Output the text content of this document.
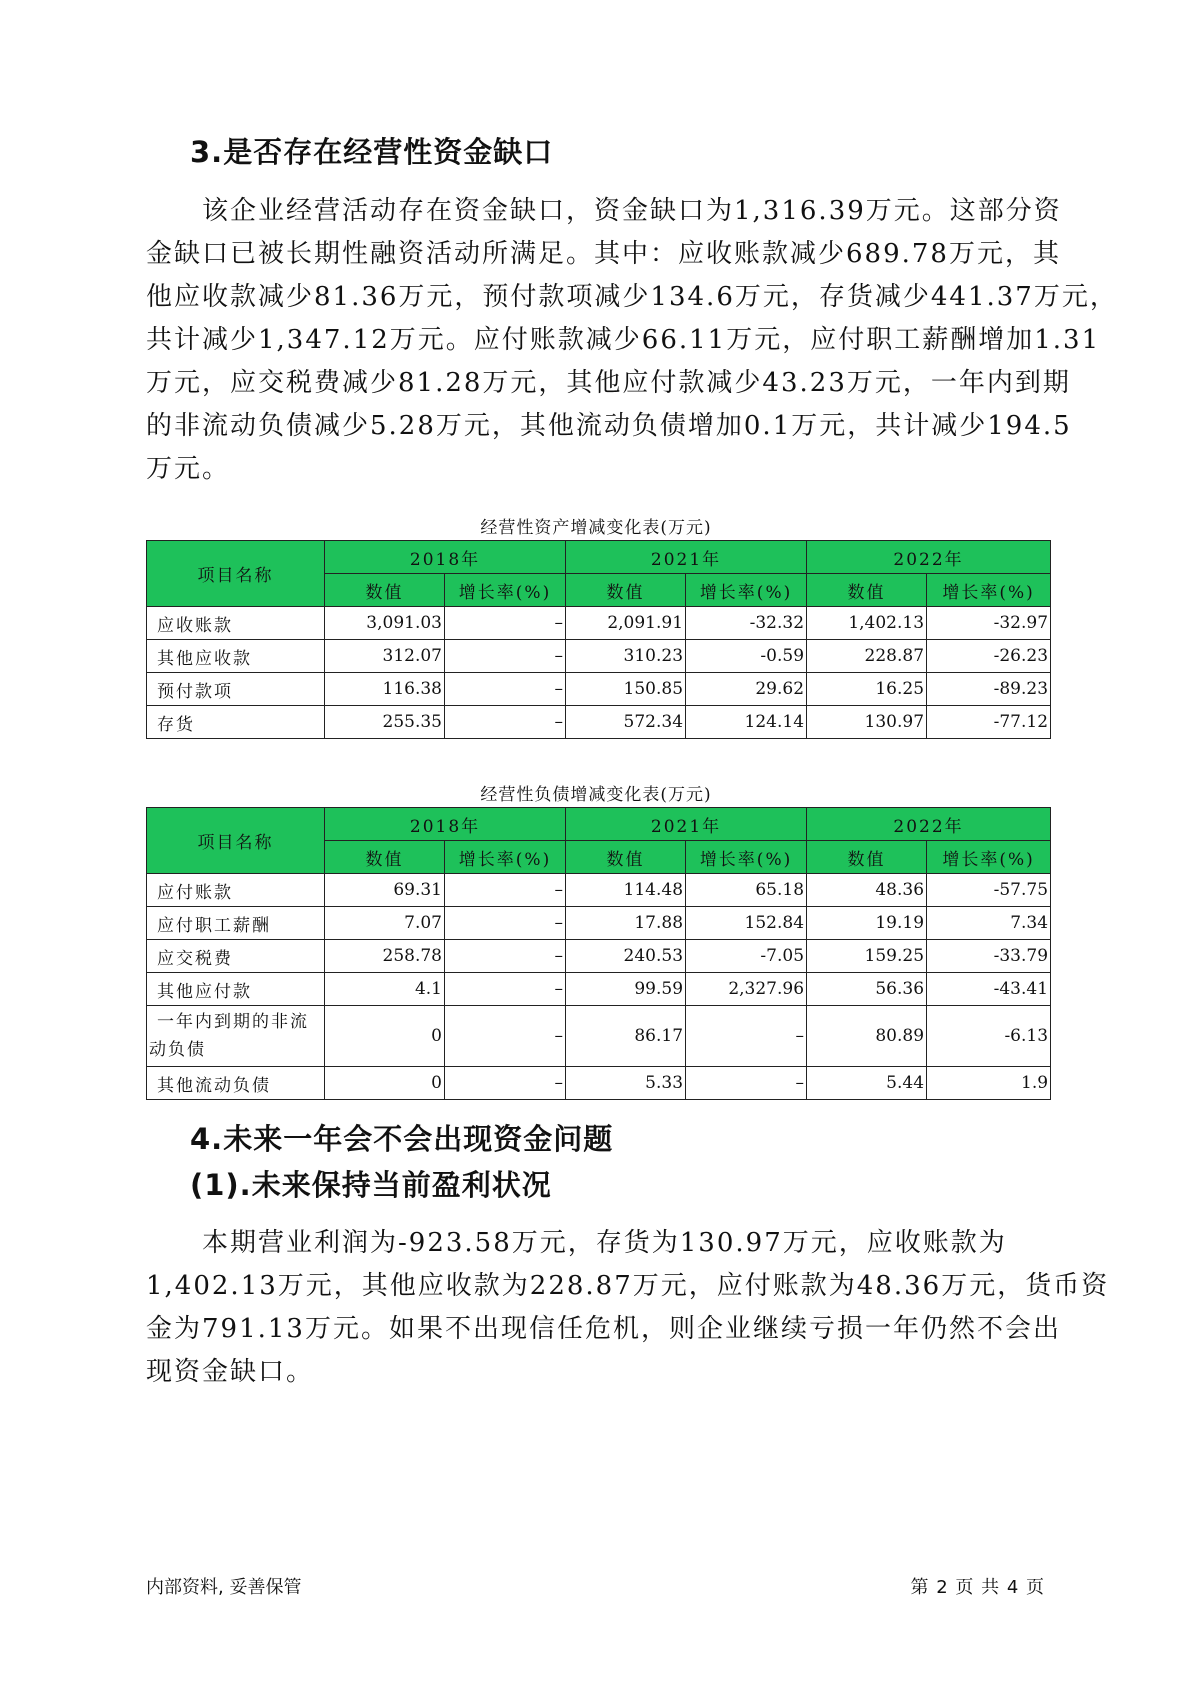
3.是否存在经营性资金缺口
该企业经营活动存在资金缺口，资金缺口为1,316.39万元。这部分资
金缺口已被长期性融资活动所满足。其中：应收账款减少689.78万元，其
他应收款减少81.36万元，预付款项减少134.6万元，存货减少441.37万元，
共计减少1,347.12万元。应付账款减少66.11万元，应付职工薪酬增加1.31
万元，应交税费减少81.28万元，其他应付款减少43.23万元，一年内到期
的非流动负债减少5.28万元，其他流动负债增加0.1万元，共计减少194.5
万元。
经营性资产增减变化表(万元)
项目名称	2018年		2021年		2022年	
	数值	增长率(%)	数值	增长率(%)	数值	增长率(%)
应收账款	3,091.03	–	2,091.91	-32.32	1,402.13	-32.97
其他应收款	312.07	–	310.23	-0.59	228.87	-26.23
预付款项	116.38	–	150.85	29.62	16.25	-89.23
存货	255.35	–	572.34	124.14	130.97	-77.12
经营性负债增减变化表(万元)
项目名称	2018年		2021年		2022年	
	数值	增长率(%)	数值	增长率(%)	数值	增长率(%)
应付账款	69.31	–	114.48	65.18	48.36	-57.75
应付职工薪酬	7.07	–	17.88	152.84	19.19	7.34
应交税费	258.78	–	240.53	-7.05	159.25	-33.79
其他应付款	4.1	–	99.59	2,327.96	56.36	-43.41

一年内到期的非流
动负债	0	–	86.17	–	80.89	-6.13
其他流动负债	0	–	5.33	–	5.44	1.9
4.未来一年会不会出现资金问题
(1).未来保持当前盈利状况
本期营业利润为-923.58万元，存货为130.97万元，应收账款为
1,402.13万元，其他应收款为228.87万元，应付账款为48.36万元，货币资
金为791.13万元。如果不出现信任危机，则企业继续亏损一年仍然不会出
现资金缺口。
内部资料, 妥善保管	第 2 页 共 4 页
